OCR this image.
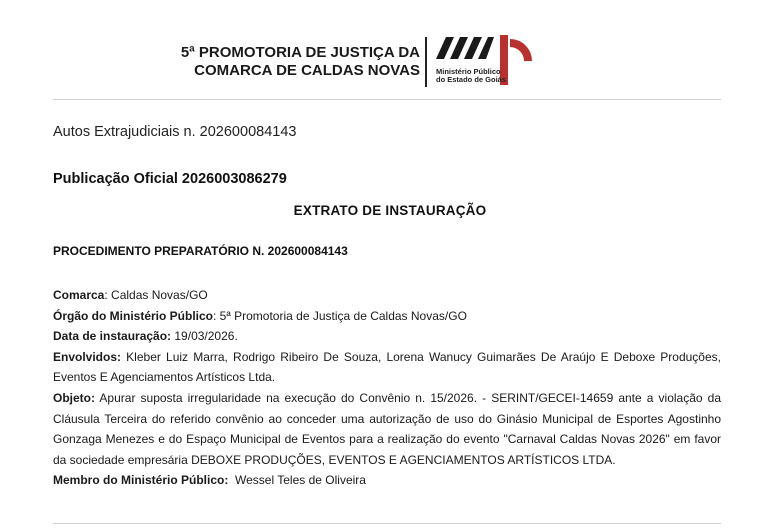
5ª PROMOTORIA DE JUSTIÇA DA
COMARCA DE CALDAS NOVAS Ministério Público
do Estado de Goiás
Autos Extrajudiciais n. 202600084143
Publicação Oficial 2026003086279
EXTRATO DE INSTAURAÇÃO
PROCEDIMENTO PREPARATÓRIO N. 202600084143

Comarca: Caldas Novas/GO

Órgão do Ministério Público: 5ª Promotoria de Justiça de Caldas Novas/GO

Data de instauração: 19/03/2026.

Envolvidos: Kleber Luiz Marra, Rodrigo Ribeiro De Souza, Lorena Wanucy Guimarães De Araújo E Deboxe Produções, Eventos E Agenciamentos Artísticos Ltda.

Objeto: Apurar suposta irregularidade na execução do Convênio n. 15/2026. - SERINT/GECEI-14659 ante a violação da Cláusula Terceira do referido convênio ao conceder uma autorização de uso do Ginásio Municipal de Esportes Agostinho Gonzaga Menezes e do Espaço Municipal de Eventos para a realização do evento "Carnaval Caldas Novas 2026" em favor da sociedade empresária DEBOXE PRODUÇÕES, EVENTOS E AGENCIAMENTOS ARTÍSTICOS LTDA.

Membro do Ministério Público:  Wessel Teles de Oliveira
